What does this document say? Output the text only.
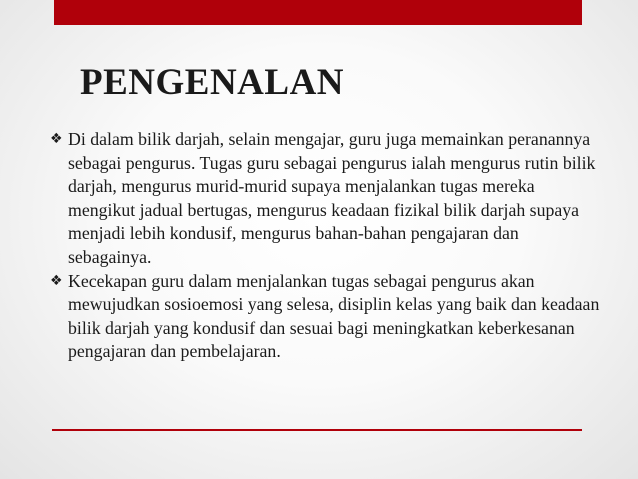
PENGENALAN
❖ Di dalam bilik darjah, selain mengajar, guru juga memainkan peranannya sebagai pengurus. Tugas guru sebagai pengurus ialah mengurus rutin bilik darjah, mengurus murid-murid supaya menjalankan tugas mereka mengikut jadual bertugas, mengurus keadaan fizikal bilik darjah supaya menjadi lebih kondusif, mengurus bahan-bahan pengajaran dan sebagainya.
❖ Kecekapan guru dalam menjalankan tugas sebagai pengurus akan mewujudkan sosioemosi yang selesa, disiplin kelas yang baik dan keadaan bilik darjah yang kondusif dan sesuai bagi meningkatkan keberkesanan pengajaran dan pembelajaran.
